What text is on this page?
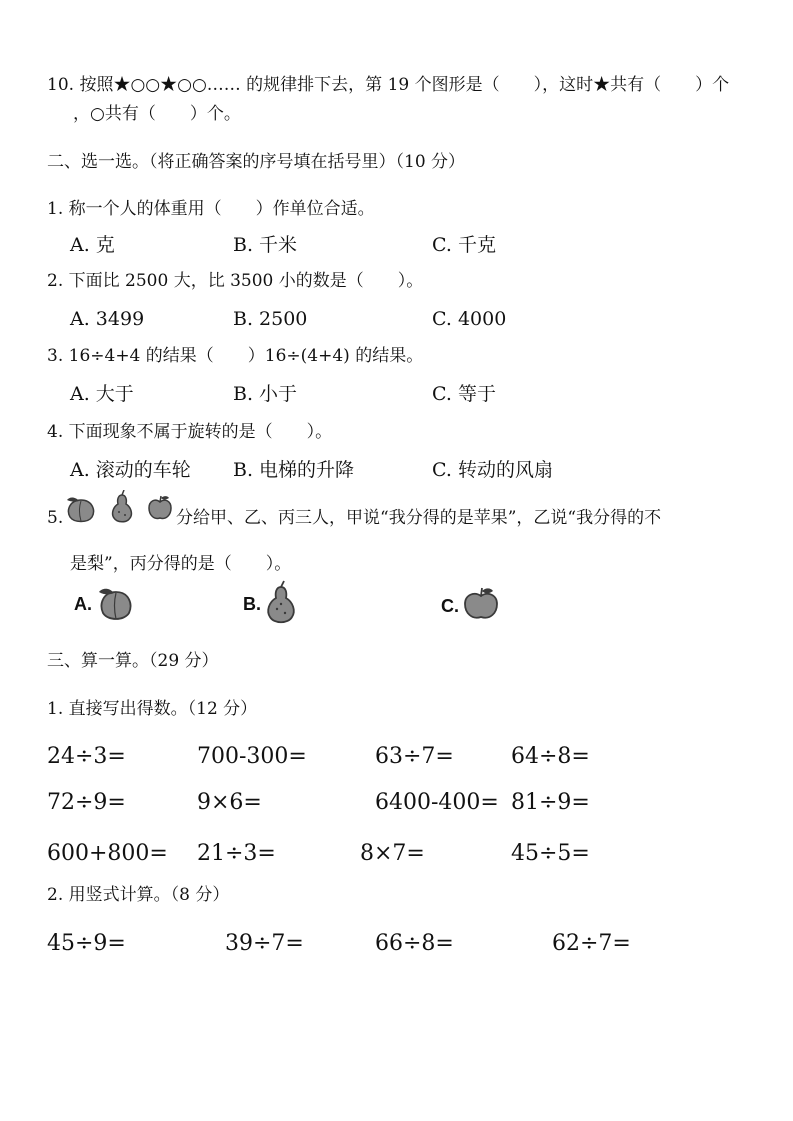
10. 按照★○○★○○…… 的规律排下去，第 19 个图形是（　　），这时★共有（　　）个
，○共有（　　）个。
二、选一选。（将正确答案的序号填在括号里）（10 分）
1. 称一个人的体重用（　　）作单位合适。
A. 克	B. 千米	C. 千克
2. 下面比 2500 大，比 3500 小的数是（　　）。
A. 3499	B. 2500	C. 4000
3. 16÷4+4 的结果（　　）16÷(4+4) 的结果。
A. 大于	B. 小于	C. 等于
4. 下面现象不属于旋转的是（　　）。
A. 滚动的车轮 B. 电梯的升降	C. 转动的风扇
5.	分给甲、乙、丙三人，甲说“我分得的是苹果”，乙说“我分得的不
是梨”，丙分得的是（　　）。
A.	B.	C.
三、算一算。（29 分）
1. 直接写出得数。（12 分）
24÷3=	700-300=	63÷7=	64÷8=
72÷9=	9×6=	6400-400= 81÷9=
600+800= 21÷3=	8×7=	45÷5=
2. 用竖式计算。（8 分）
45÷9=	39÷7=	66÷8=	62÷7=
